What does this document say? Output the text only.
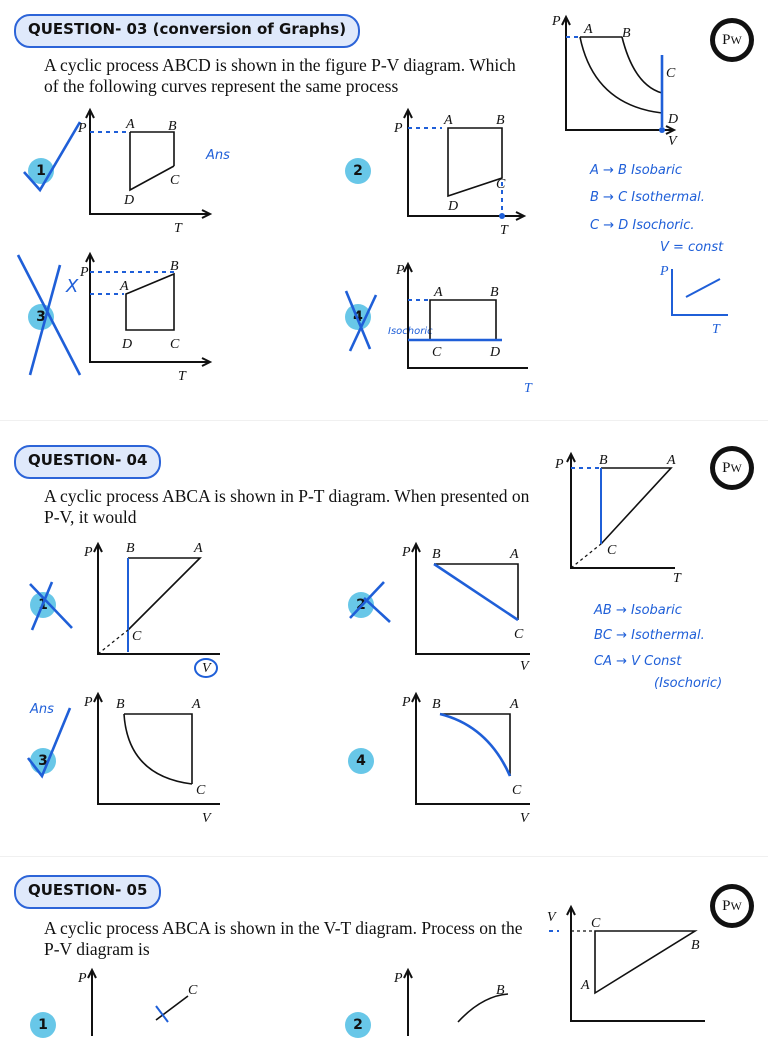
QUESTION- 03 (conversion of Graphs)
A cyclic process ABCD is shown in the figure P-V diagram. Which of the following curves represent the same process
PW
P
V
A B
C
D
A → B Isobaric
B → C Isothermal.
C → D Isochoric.
V = const
P
T
1
Ans
P
T
A B
C
D
2
P
T
A	B
C
D
3
X
P
T
A
B
C
D
4
Isochoric
P
T
A	B
C	D
QUESTION- 04
A cyclic process ABCA is shown in P-T diagram. When presented on P-V, it would
PW
P
T
B	A
C
AB → Isobaric
BC → Isothermal.
CA → V Const
(Isochoric)
1
P
V
B	A
C
2
P
V
B	A
C
3
Ans P
V
B	A
C
4
P
V
B	A
C
QUESTION- 05
A cyclic process ABCA is shown in the V-T diagram. Process on the P-V diagram is
PW
V	C
B
A
1
P
C
2
P
B
